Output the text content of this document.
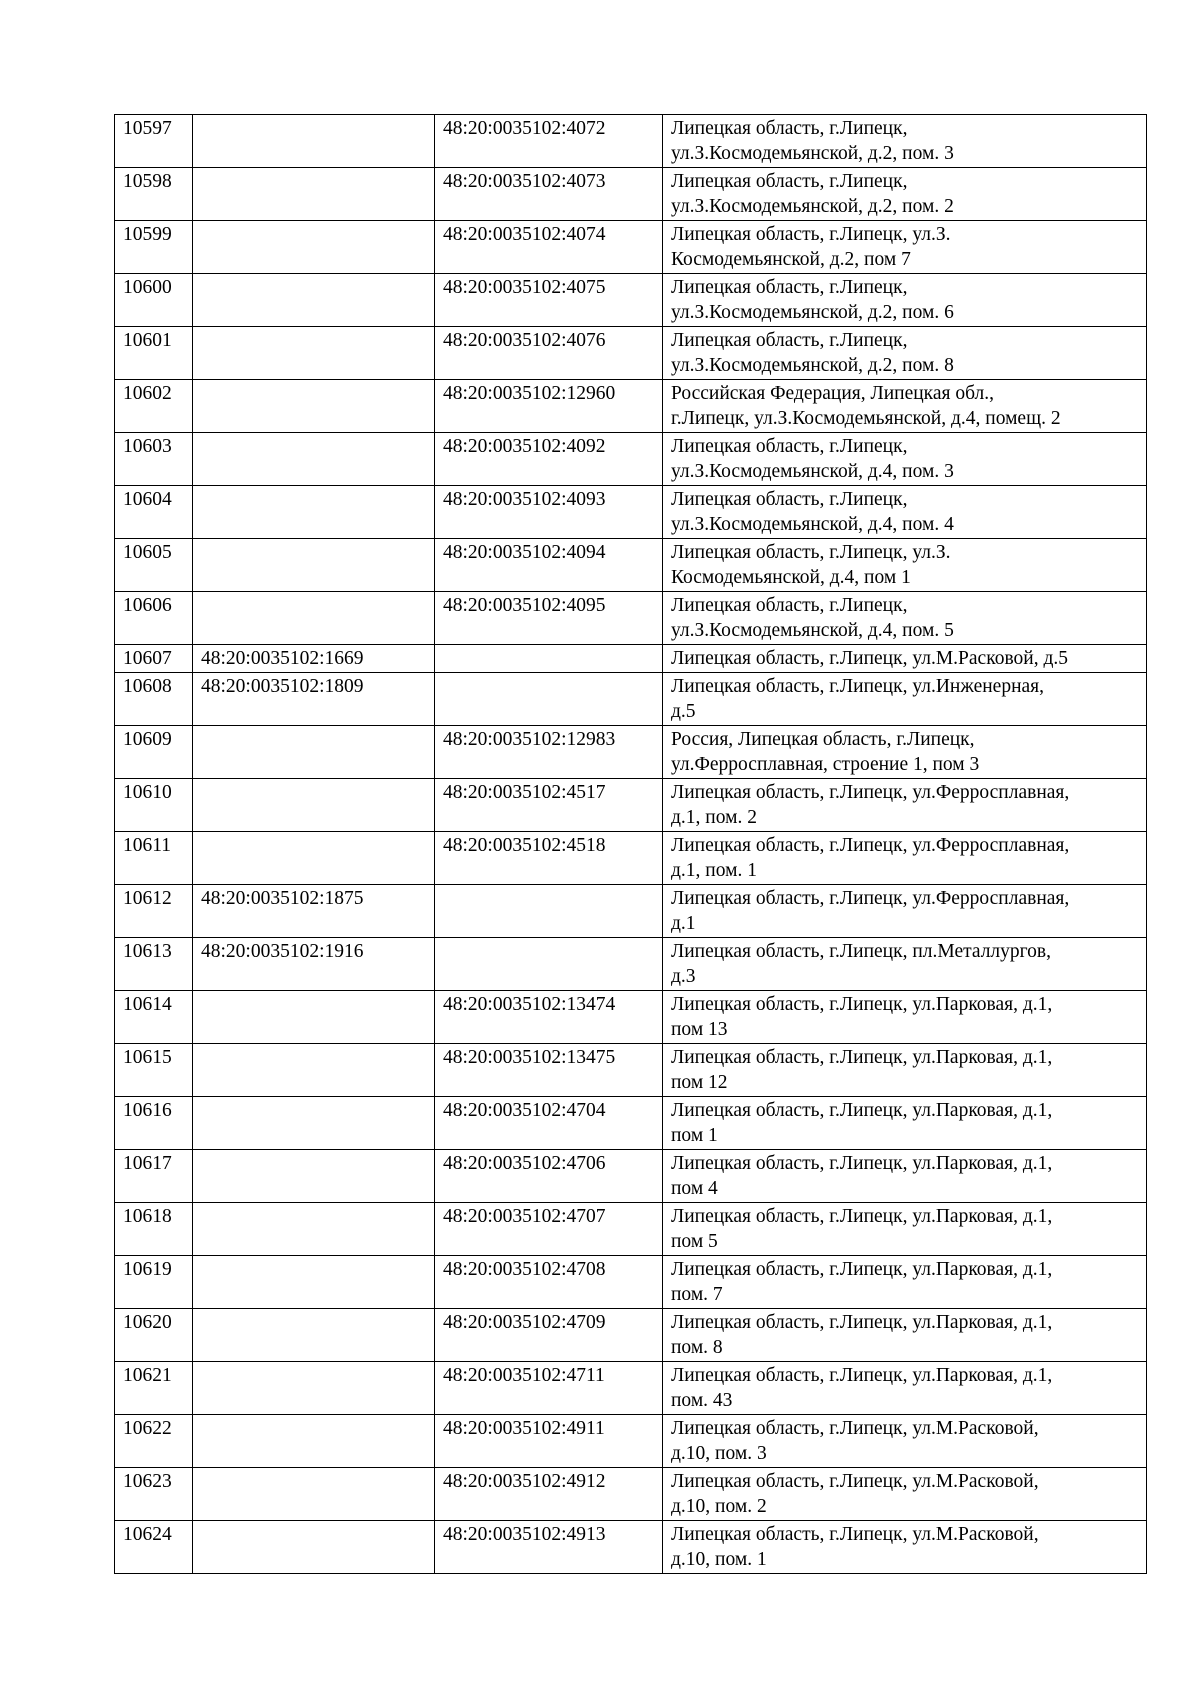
10597		48:20:0035102:4072	Липецкая область, г.Липецк,
ул.З.Космодемьянской, д.2, пом. 3
10598		48:20:0035102:4073	Липецкая область, г.Липецк,
ул.З.Космодемьянской, д.2, пом. 2
10599		48:20:0035102:4074	Липецкая область, г.Липецк, ул.З.
Космодемьянской, д.2, пом 7
10600		48:20:0035102:4075	Липецкая область, г.Липецк,
ул.З.Космодемьянской, д.2, пом. 6
10601		48:20:0035102:4076	Липецкая область, г.Липецк,
ул.З.Космодемьянской, д.2, пом. 8
10602		48:20:0035102:12960	Российская Федерация, Липецкая обл.,
г.Липецк, ул.З.Космодемьянской, д.4, помещ. 2
10603		48:20:0035102:4092	Липецкая область, г.Липецк,
ул.З.Космодемьянской, д.4, пом. 3
10604		48:20:0035102:4093	Липецкая область, г.Липецк,
ул.З.Космодемьянской, д.4, пом. 4
10605		48:20:0035102:4094	Липецкая область, г.Липецк, ул.З.
Космодемьянской, д.4, пом 1
10606		48:20:0035102:4095	Липецкая область, г.Липецк,
ул.З.Космодемьянской, д.4, пом. 5
10607	48:20:0035102:1669		Липецкая область, г.Липецк, ул.М.Расковой, д.5
10608	48:20:0035102:1809		Липецкая область, г.Липецк, ул.Инженерная,
д.5
10609		48:20:0035102:12983	Россия, Липецкая область, г.Липецк,
ул.Ферросплавная, строение 1, пом 3
10610		48:20:0035102:4517	Липецкая область, г.Липецк, ул.Ферросплавная,
д.1, пом. 2
10611		48:20:0035102:4518	Липецкая область, г.Липецк, ул.Ферросплавная,
д.1, пом. 1
10612	48:20:0035102:1875		Липецкая область, г.Липецк, ул.Ферросплавная,
д.1
10613	48:20:0035102:1916		Липецкая область, г.Липецк, пл.Металлургов,
д.3
10614		48:20:0035102:13474	Липецкая область, г.Липецк, ул.Парковая, д.1,
пом 13
10615		48:20:0035102:13475	Липецкая область, г.Липецк, ул.Парковая, д.1,
пом 12
10616		48:20:0035102:4704	Липецкая область, г.Липецк, ул.Парковая, д.1,
пом 1
10617		48:20:0035102:4706	Липецкая область, г.Липецк, ул.Парковая, д.1,
пом 4
10618		48:20:0035102:4707	Липецкая область, г.Липецк, ул.Парковая, д.1,
пом 5
10619		48:20:0035102:4708	Липецкая область, г.Липецк, ул.Парковая, д.1,
пом. 7
10620		48:20:0035102:4709	Липецкая область, г.Липецк, ул.Парковая, д.1,
пом. 8
10621		48:20:0035102:4711	Липецкая область, г.Липецк, ул.Парковая, д.1,
пом. 43
10622		48:20:0035102:4911	Липецкая область, г.Липецк, ул.М.Расковой,
д.10, пом. 3
10623		48:20:0035102:4912	Липецкая область, г.Липецк, ул.М.Расковой,
д.10, пом. 2
10624		48:20:0035102:4913	Липецкая область, г.Липецк, ул.М.Расковой,
д.10, пом. 1
